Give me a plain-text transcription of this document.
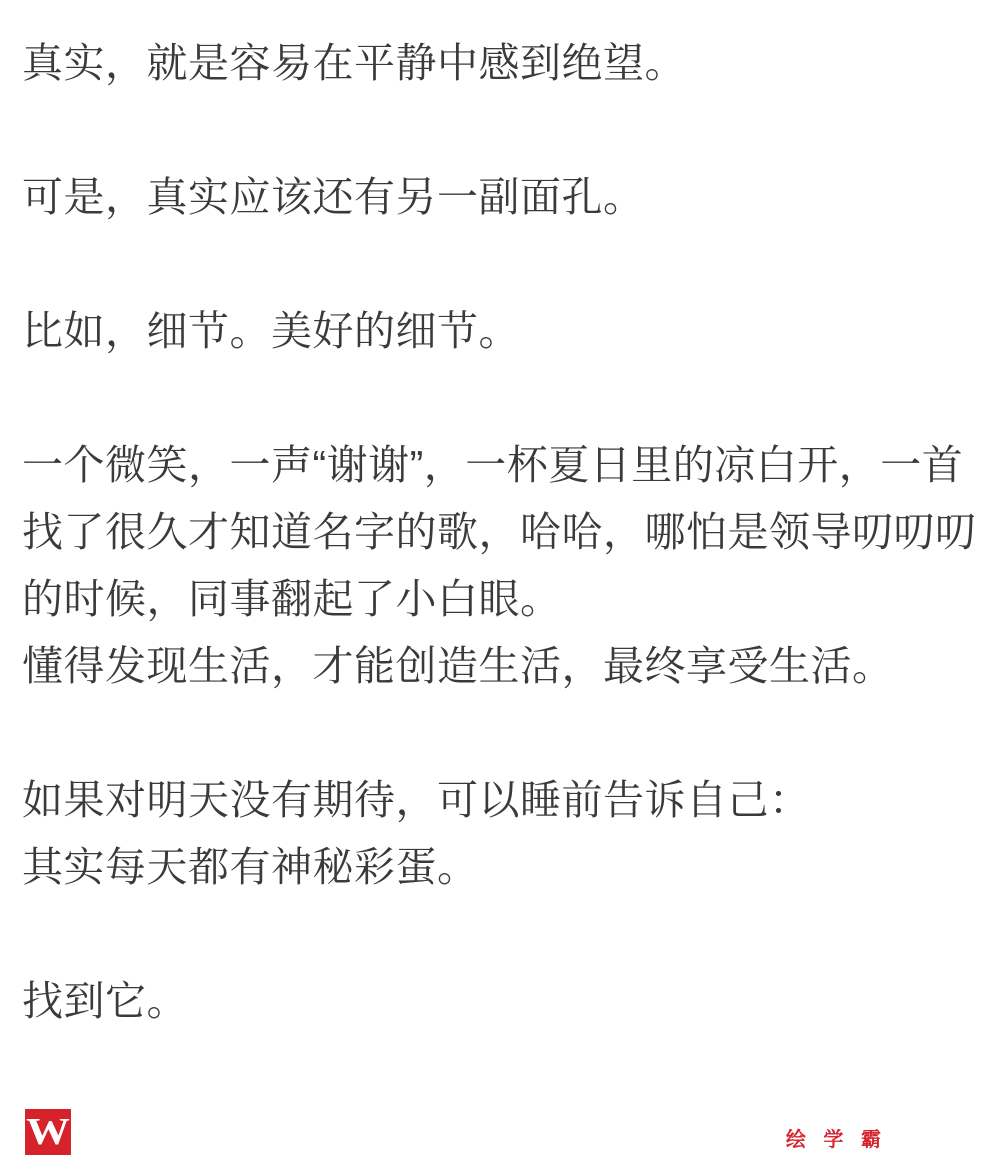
真实，就是容易在平静中感到绝望。

可是，真实应该还有另一副面孔。

比如，细节。美好的细节。

一个微笑，一声“谢谢”，一杯夏日里的凉白开，一首找了很久才知道名字的歌，哈哈，哪怕是领导叨叨叨的时候，同事翻起了小白眼。

懂得发现生活，才能创造生活，最终享受生活。

如果对明天没有期待，可以睡前告诉自己：

其实每天都有神秘彩蛋。

找到它。

W	绘 学 霸
